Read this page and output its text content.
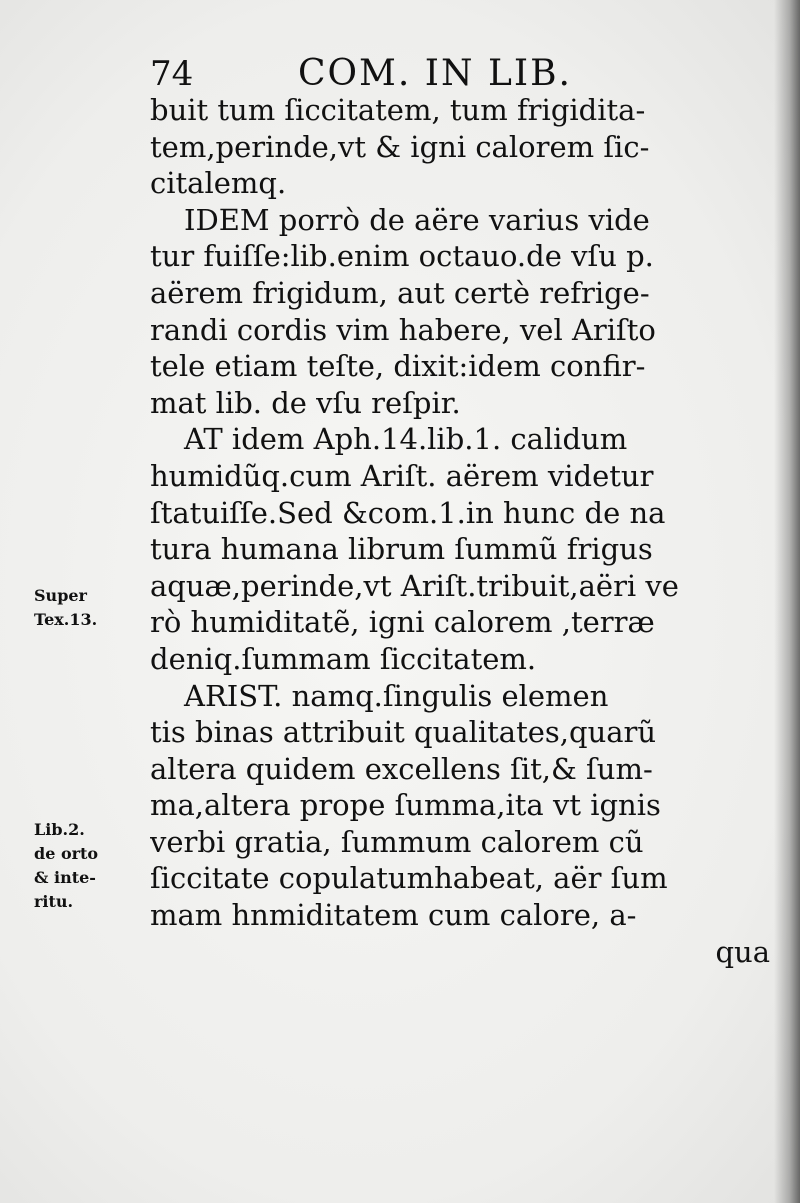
74	COM. IN LIB.
buit tum ſiccitatem, tum frigidita-
tem,perinde,vt & igni calorem ſic-
citalemq.
IDEM porrò de aëre varius vide
tur fuiſſe:lib.enim octauo.de vſu p.
aërem frigidum, aut certè refrige-
randi cordis vim habere, vel Ariſto
tele etiam teſte, dixit:idem confir-
mat lib. de vſu reſpir.
AT idem Aph.14.lib.1. calidum
humidũq.cum Ariſt. aërem videtur
ſtatuiſſe.Sed &com.1.in hunc de na
tura humana librum ſummũ frigus
aquæ,perinde,vt Ariſt.tribuit,aëri ve
rò humiditatẽ, igni calorem ,terræ
deniq.ſummam ſiccitatem.
ARIST. namq.ſingulis elemen
tis binas attribuit qualitates,quarũ
altera quidem excellens ſit,& ſum-
ma,altera prope ſumma,ita vt ignis
verbi gratia, ſummum calorem cũ
ſiccitate copulatumhabeat, aër ſum
mam hnmiditatem cum calore, a-
qua
Super
Tex.13.
Lib.2.
de orto
& inte-
ritu.
